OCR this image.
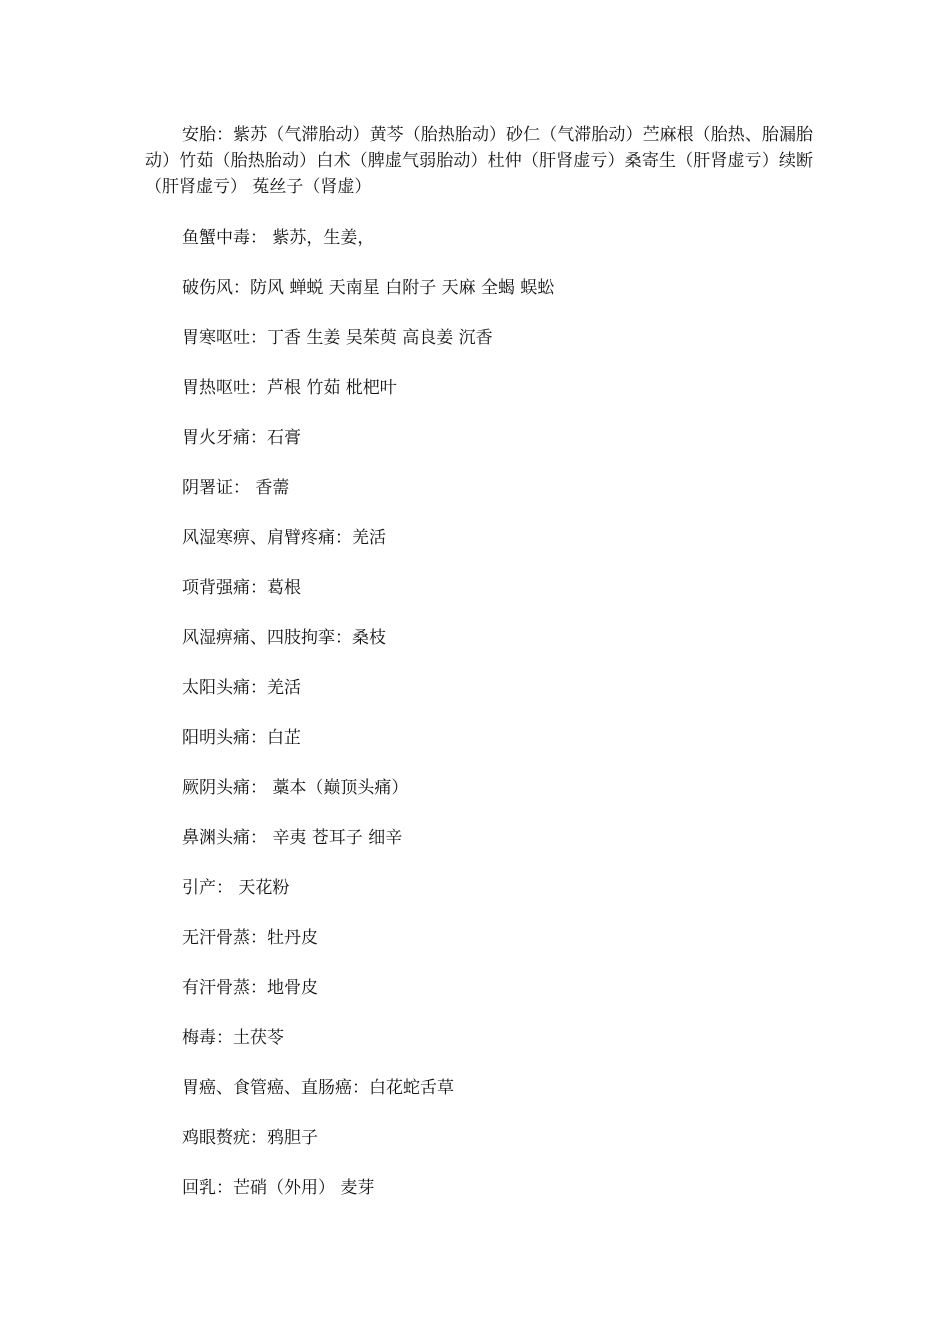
安胎：紫苏（气滞胎动）黄芩（胎热胎动）砂仁（气滞胎动）苎麻根（胎热、胎漏胎动）竹茹（胎热胎动）白术（脾虚气弱胎动）杜仲（肝肾虚亏）桑寄生（肝肾虚亏）续断（肝肾虚亏） 菟丝子（肾虚）

鱼蟹中毒： 紫苏，生姜，

破伤风：防风 蝉蜕 天南星 白附子 天麻 全蝎 蜈蚣

胃寒呕吐：丁香 生姜 吴茱萸 高良姜 沉香

胃热呕吐：芦根 竹茹 枇杷叶

胃火牙痛：石膏

阴署证： 香薷

风湿寒痹、肩臂疼痛：羌活

项背强痛：葛根

风湿痹痛、四肢拘挛：桑枝

太阳头痛：羌活

阳明头痛：白芷

厥阴头痛： 藁本（巅顶头痛）

鼻渊头痛： 辛夷 苍耳子 细辛

引产： 天花粉

无汗骨蒸：牡丹皮

有汗骨蒸：地骨皮

梅毒：土茯苓

胃癌、食管癌、直肠癌：白花蛇舌草

鸡眼赘疣：鸦胆子

回乳：芒硝（外用） 麦芽
